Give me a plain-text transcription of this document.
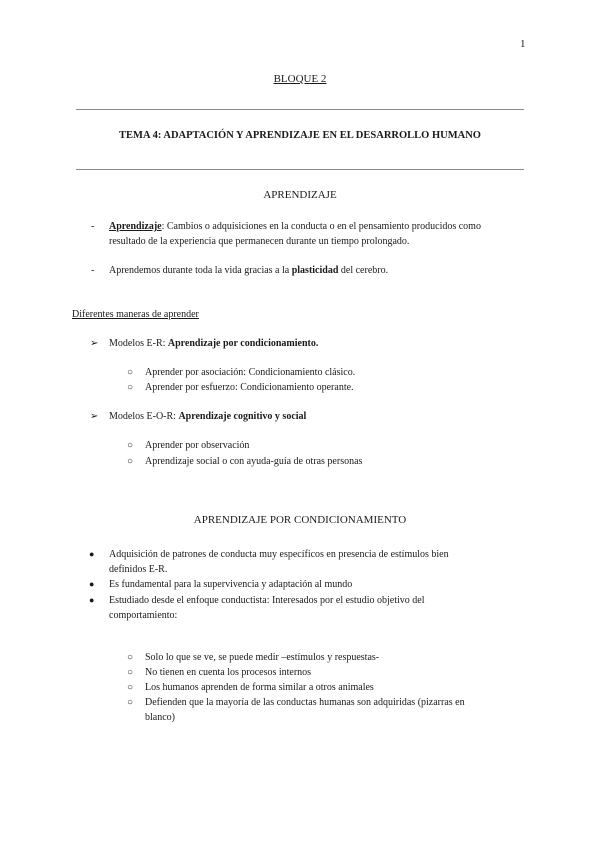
1
BLOQUE 2
TEMA 4: ADAPTACIÓN Y APRENDIZAJE EN EL DESARROLLO HUMANO
APRENDIZAJE
- Aprendizaje: Cambios o adquisiciones en la conducta o en el pensamiento producidos como
resultado de la experiencia que permanecen durante un tiempo prolongado.
- Aprendemos durante toda la vida gracias a la plasticidad del cerebro.
Diferentes maneras de aprender
➢ Modelos E-R: Aprendizaje por condicionamiento.
○ Aprender por asociación: Condicionamiento clásico.
○ Aprender por esfuerzo: Condicionamiento operante.
➢ Modelos E-O-R: Aprendizaje cognitivo y social
○ Aprender por observación
○ Aprendizaje social o con ayuda-guía de otras personas
APRENDIZAJE POR CONDICIONAMIENTO
● Adquisición de patrones de conducta muy específicos en presencia de estímulos bien
definidos E-R.
● Es fundamental para la supervivencia y adaptación al mundo
● Estudiado desde el enfoque conductista: Interesados por el estudio objetivo del
comportamiento:
○ Solo lo que se ve, se puede medir –estímulos y respuestas-
○ No tienen en cuenta los procesos internos
○ Los humanos aprenden de forma similar a otros animales
○ Defienden que la mayoría de las conductas humanas son adquiridas (pizarras en
blanco)
